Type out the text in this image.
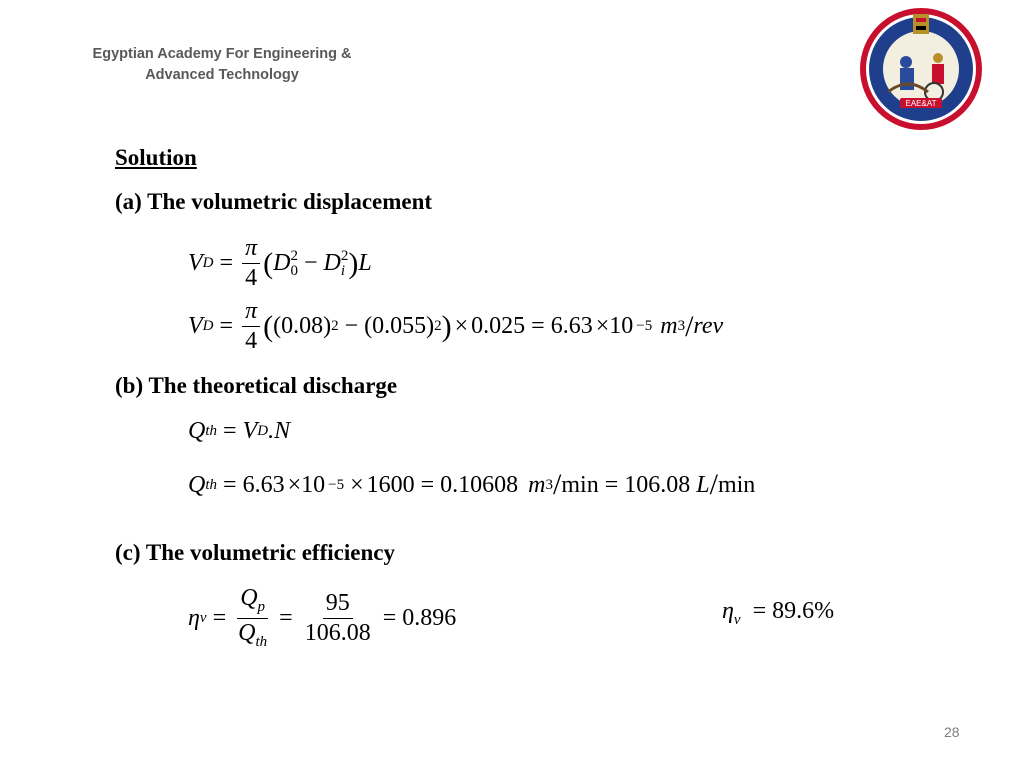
Egyptian Academy For Engineering &
Advanced Technology
EAE&AT
Solution
(a) The volumetric displacement
V $D = \frac{\pi}{4}$ ( D 2
0 − D 2
i ) L
V $D = \frac{\pi}{4}$ ( (0.08) 2 − (0.055) 2 ) × 0.025 = 6.63 ×10 −5 m 3 / rev
(b) The theoretical discharge
Q th = V D .N
Q th = 6.63 ×10 −5 × 1600 = 0.10608 m 3 / min = 106.08 L / min
(c) The volumetric efficiency
η $v = \frac{Q_p}{Q_{th}} = \frac{95}{106.08} = 0.896$	$\eta_v = 89.6\%$
28
